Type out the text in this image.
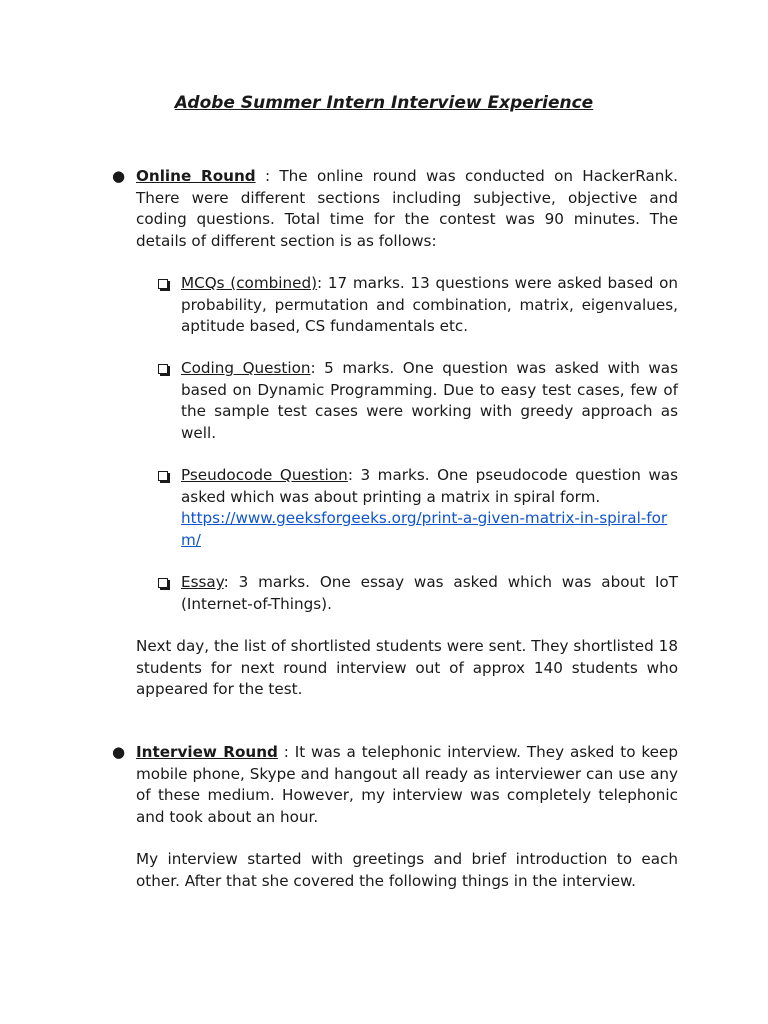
Adobe Summer Intern Interview Experience
● Online Round : The online round was conducted on HackerRank. There were different sections including subjective, objective and coding questions. Total time for the contest was 90 minutes. The details of different section is as follows:

MCQs (combined): 17 marks. 13 questions were asked based on probability, permutation and combination, matrix, eigenvalues, aptitude based, CS fundamentals etc.

Coding Question: 5 marks. One question was asked with was based on Dynamic Programming. Due to easy test cases, few of the sample test cases were working with greedy approach as well.

Pseudocode Question: 3 marks. One pseudocode question was asked which was about printing a matrix in spiral form.

https://www.geeksforgeeks.org/print-a-given-matrix-in-spiral-form/

Essay: 3 marks. One essay was asked which was about IoT (Internet-of-Things).

Next day, the list of shortlisted students were sent. They shortlisted 18 students for next round interview out of approx 140 students who appeared for the test.

● Interview Round : It was a telephonic interview. They asked to keep mobile phone, Skype and hangout all ready as interviewer can use any of these medium. However, my interview was completely telephonic and took about an hour.

My interview started with greetings and brief introduction to each other. After that she covered the following things in the interview.
